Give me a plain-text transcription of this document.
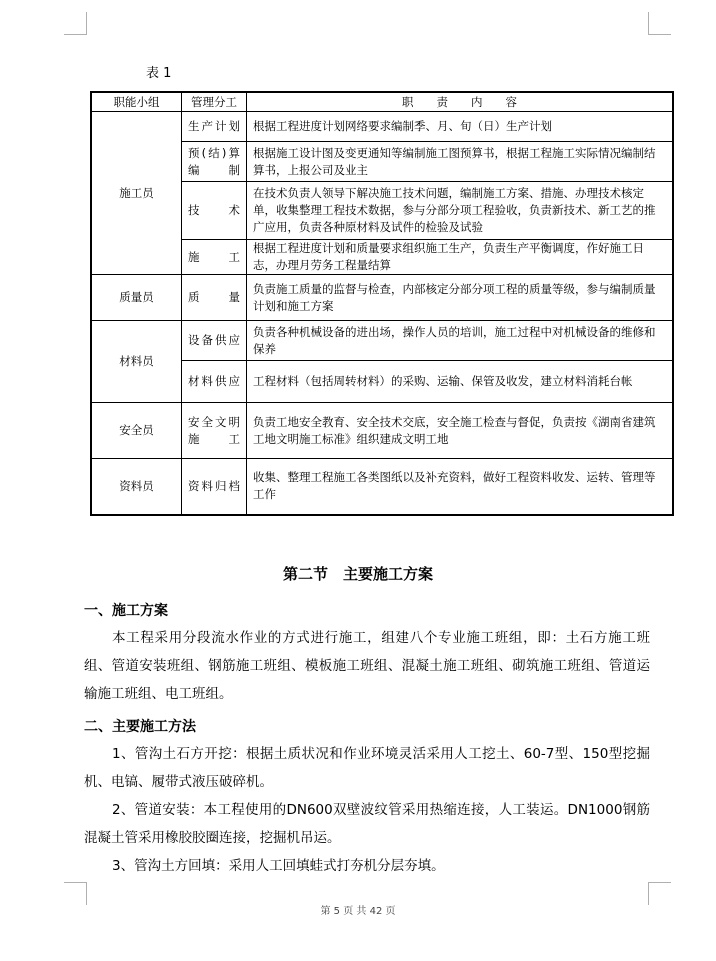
表 1
职能小组	管理分工	职　　责　　内　　容
施工员	生产计划	根据工程进度计划网络要求编制季、月、旬（日）生产计划
	预(结)算编　　制	根据施工设计图及变更通知等编制施工图预算书，根据工程施工实际情况编制结算书，上报公司及业主
	技　　术	在技术负责人领导下解决施工技术问题，编制施工方案、措施、办理技术核定单，收集整理工程技术数据，参与分部分项工程验收，负责新技术、新工艺的推广应用，负责各种原材料及试件的检验及试验
	施　　工	根据工程进度计划和质量要求组织施工生产，负责生产平衡调度，作好施工日志，办理月劳务工程量结算
质量员	质　　量	负责施工质量的监督与检查，内部核定分部分项工程的质量等级，参与编制质量计划和施工方案
材料员	设备供应	负责各种机械设备的进出场，操作人员的培训，施工过程中对机械设备的维修和保养
	材料供应	工程材料（包括周转材料）的采购、运输、保管及收发，建立材料消耗台帐
安全员	安全文明施　　工	负责工地安全教育、安全技术交底，安全施工检查与督促，负责按《湖南省建筑工地文明施工标准》组织建成文明工地
资料员	资料归档	收集、整理工程施工各类图纸以及补充资料，做好工程资料收发、运转、管理等工作
第二节　主要施工方案
一、施工方案
本工程采用分段流水作业的方式进行施工，组建八个专业施工班组，即：土石方施工班组、管道安装班组、钢筋施工班组、模板施工班组、混凝土施工班组、砌筑施工班组、管道运输施工班组、电工班组。
二、主要施工方法
1、管沟土石方开挖：根据土质状况和作业环境灵活采用人工挖土、60-7型、150型挖掘机、电镐、履带式液压破碎机。
2、管道安装：本工程使用的DN600双壁波纹管采用热缩连接，人工装运。DN1000钢筋混凝土管采用橡胶胶圈连接，挖掘机吊运。
3、管沟土方回填：采用人工回填蛙式打夯机分层夯填。
第 5 页 共 42 页
